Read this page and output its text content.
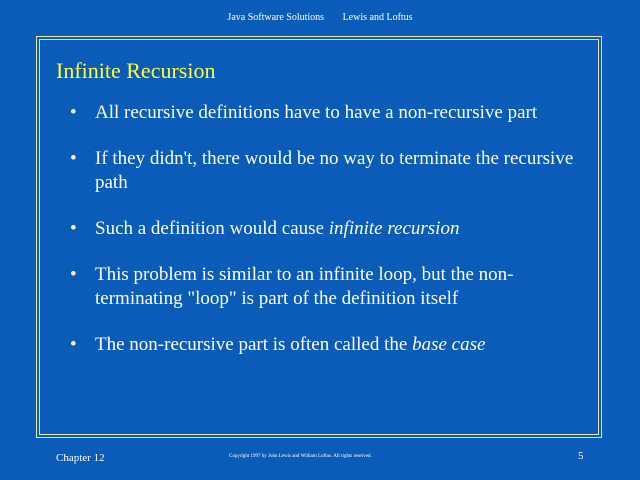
Java Software Solutions Lewis and Loftus
Infinite Recursion
• All recursive definitions have to have a non-recursive part
• If they didn't, there would be no way to terminate the recursive path
• Such a definition would cause infinite recursion
• This problem is similar to an infinite loop, but the non-terminating "loop" is part of the definition itself
• The non-recursive part is often called the base case
Chapter 12	Copyright 1997 by John Lewis and William Loftus. All rights reserved.	5
